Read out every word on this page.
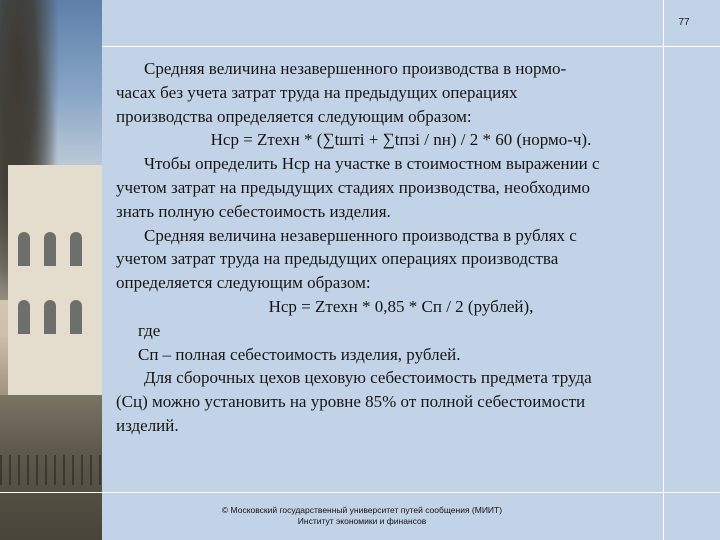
77

Средняя величина незавершенного производства в нормо-
часах без учета затрат труда на предыдущих операциях
производства определяется следующим образом:

Нср = Zтехн * (∑tштi + ∑tпзi / nн) / 2 * 60 (нормо-ч).

Чтобы определить Нср на участке в стоимостном выражении с
учетом затрат на предыдущих стадиях производства, необходимо
знать полную себестоимость изделия.

Средняя величина незавершенного производства в рублях с
учетом затрат труда на предыдущих операциях производства
определяется следующим образом:

Нср = Zтехн * 0,85 * Сп / 2 (рублей),

где

Сп – полная себестоимость изделия, рублей.

Для сборочных цехов цеховую себестоимость предмета труда
(Сц) можно установить на уровне 85% от полной себестоимости
изделий.

© Московский государственный университет путей сообщения (МИИТ)
Институт экономики и финансов
